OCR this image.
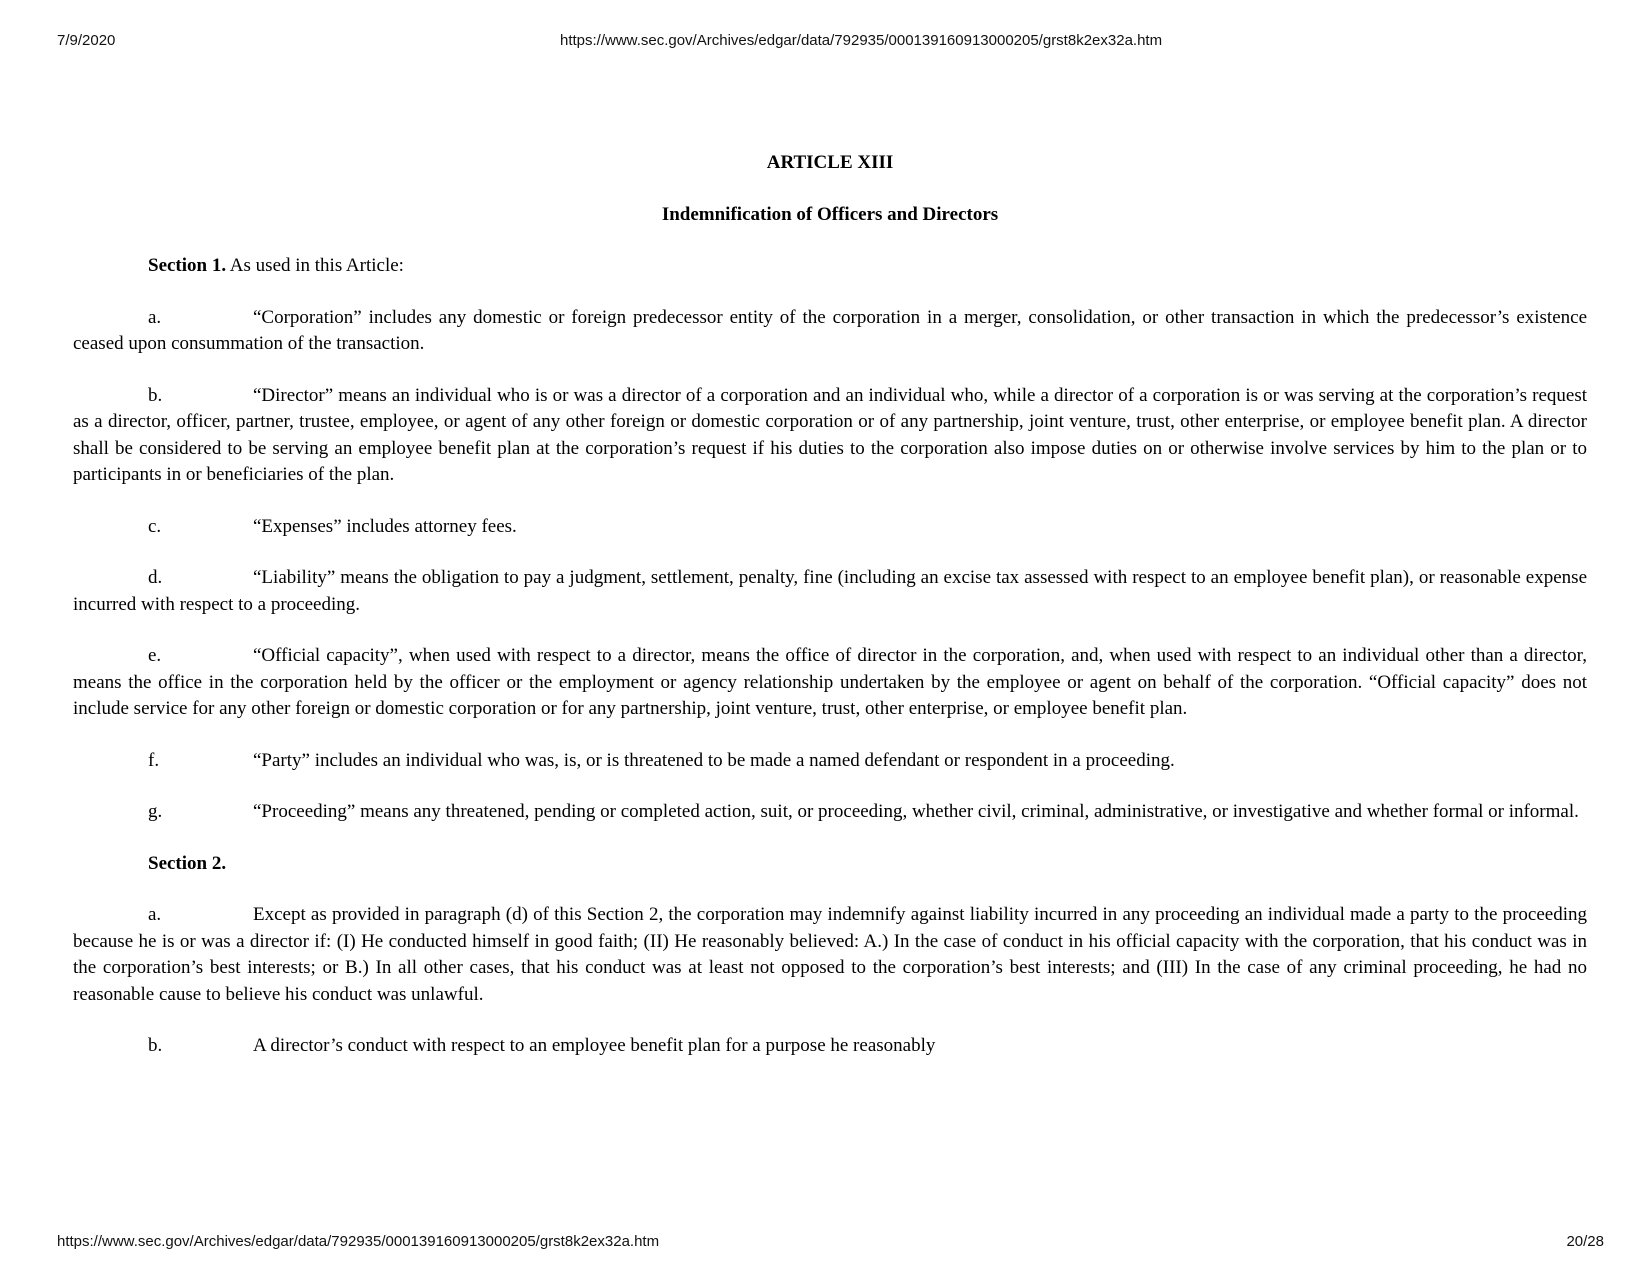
7/9/2020	https://www.sec.gov/Archives/edgar/data/792935/000139160913000205/grst8k2ex32a.htm

ARTICLE XIII

Indemnification of Officers and Directors

Section 1. As used in this Article:

a.	“Corporation” includes any domestic or foreign predecessor entity of the corporation in a merger, consolidation, or other transaction in which the predecessor’s existence ceased upon consummation of the transaction.

b.	“Director” means an individual who is or was a director of a corporation and an individual who, while a director of a corporation is or was serving at the corporation’s request as a director, officer, partner, trustee, employee, or agent of any other foreign or domestic corporation or of any partnership, joint venture, trust, other enterprise, or employee benefit plan. A director shall be considered to be serving an employee benefit plan at the corporation’s request if his duties to the corporation also impose duties on or otherwise involve services by him to the plan or to participants in or beneficiaries of the plan.

c.	“Expenses” includes attorney fees.

d.	“Liability” means the obligation to pay a judgment, settlement, penalty, fine (including an excise tax assessed with respect to an employee benefit plan), or reasonable expense incurred with respect to a proceeding.

e.	“Official capacity”, when used with respect to a director, means the office of director in the corporation, and, when used with respect to an individual other than a director, means the office in the corporation held by the officer or the employment or agency relationship undertaken by the employee or agent on behalf of the corporation. “Official capacity” does not include service for any other foreign or domestic corporation or for any partnership, joint venture, trust, other enterprise, or employee benefit plan.

f.	“Party” includes an individual who was, is, or is threatened to be made a named defendant or respondent in a proceeding.

g.	“Proceeding” means any threatened, pending or completed action, suit, or proceeding, whether civil, criminal, administrative, or investigative and whether formal or informal.

Section 2.

a.	Except as provided in paragraph (d) of this Section 2, the corporation may indemnify against liability incurred in any proceeding an individual made a party to the proceeding because he is or was a director if: (I) He conducted himself in good faith; (II) He reasonably believed: A.) In the case of conduct in his official capacity with the corporation, that his conduct was in the corporation’s best interests; or B.) In all other cases, that his conduct was at least not opposed to the corporation’s best interests; and (III) In the case of any criminal proceeding, he had no reasonable cause to believe his conduct was unlawful.

b.	A director’s conduct with respect to an employee benefit plan for a purpose he reasonably

https://www.sec.gov/Archives/edgar/data/792935/000139160913000205/grst8k2ex32a.htm	20/28
